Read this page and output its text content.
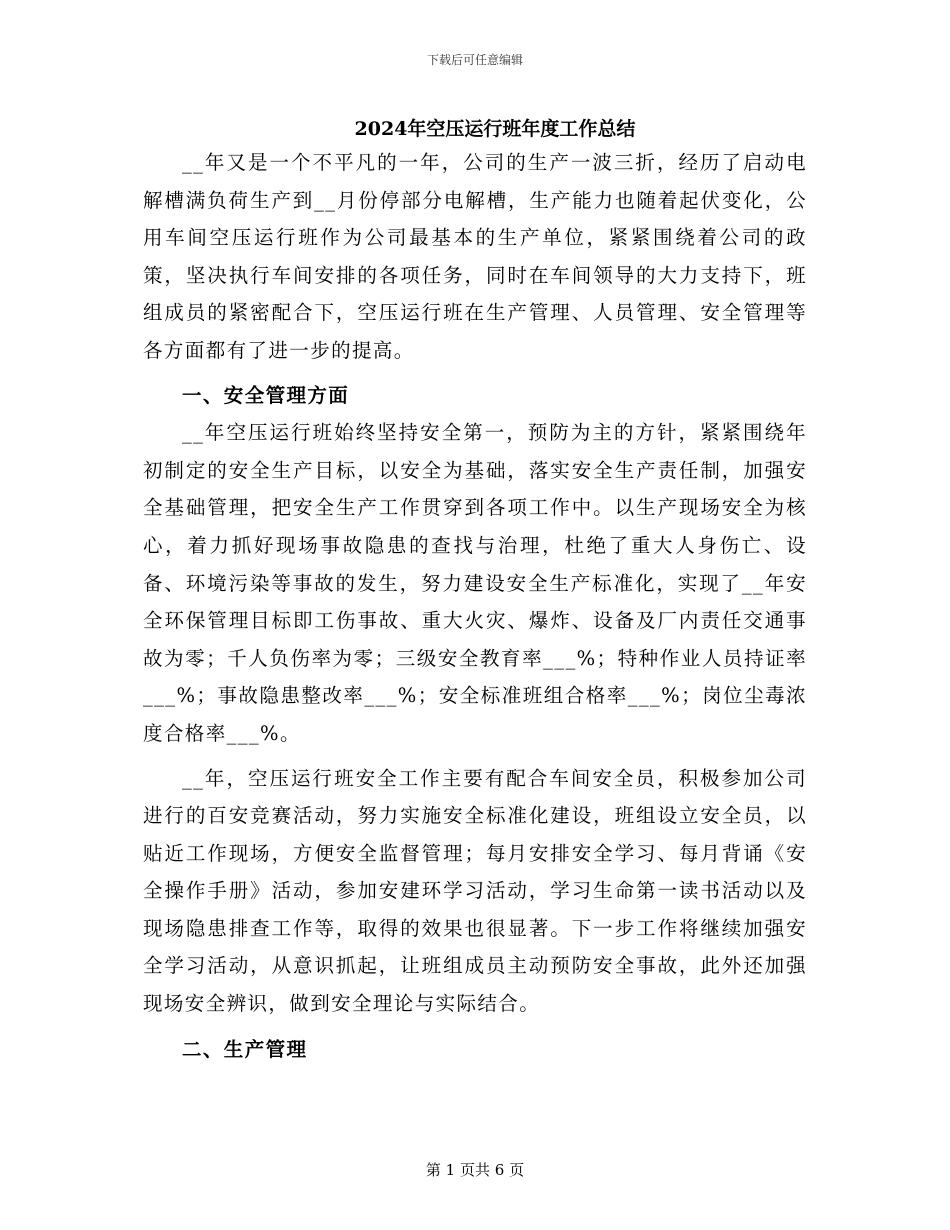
下载后可任意编辑
2024年空压运行班年度工作总结

__年又是一个不平凡的一年，公司的生产一波三折，经历了启动电解槽满负荷生产到__月份停部分电解槽，生产能力也随着起伏变化，公用车间空压运行班作为公司最基本的生产单位，紧紧围绕着公司的政策，坚决执行车间安排的各项任务，同时在车间领导的大力支持下，班组成员的紧密配合下，空压运行班在生产管理、人员管理、安全管理等各方面都有了进一步的提高。

一、安全管理方面

__年空压运行班始终坚持安全第一，预防为主的方针，紧紧围绕年初制定的安全生产目标，以安全为基础，落实安全生产责任制，加强安全基础管理，把安全生产工作贯穿到各项工作中。以生产现场安全为核心，着力抓好现场事故隐患的查找与治理，杜绝了重大人身伤亡、设备、环境污染等事故的发生，努力建设安全生产标准化，实现了__年安全环保管理目标即工伤事故、重大火灾、爆炸、设备及厂内责任交通事故为零；千人负伤率为零；三级安全教育率___%；特种作业人员持证率___%；事故隐患整改率___%；安全标准班组合格率___%；岗位尘毒浓度合格率___%。

__年，空压运行班安全工作主要有配合车间安全员，积极参加公司进行的百安竞赛活动，努力实施安全标准化建设，班组设立安全员，以贴近工作现场，方便安全监督管理；每月安排安全学习、每月背诵《安全操作手册》活动，参加安建环学习活动，学习生命第一读书活动以及现场隐患排查工作等，取得的效果也很显著。下一步工作将继续加强安全学习活动，从意识抓起，让班组成员主动预防安全事故，此外还加强现场安全辨识，做到安全理论与实际结合。

二、生产管理
第 1 页共 6 页
